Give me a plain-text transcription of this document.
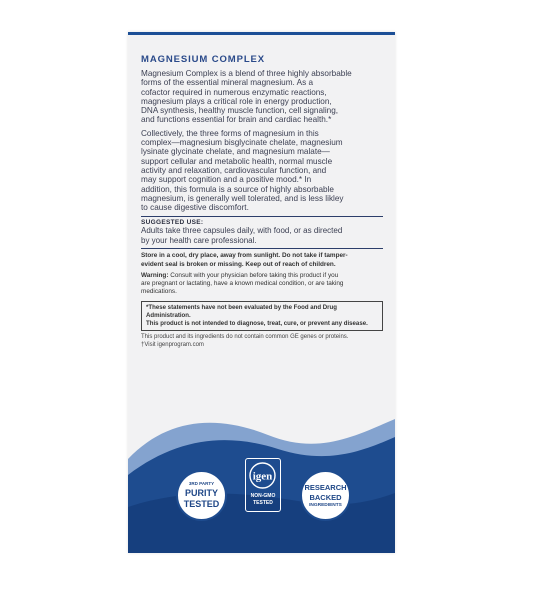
MAGNESIUM COMPLEX

Magnesium Complex is a blend of three highly absorbable
forms of the essential mineral magnesium. As a
cofactor required in numerous enzymatic reactions,
magnesium plays a critical role in energy production,
DNA synthesis, healthy muscle function, cell signaling,
and functions essential for brain and cardiac health.*

Collectively, the three forms of magnesium in this
complex—magnesium bisglycinate chelate, magnesium
lysinate glycinate chelate, and magnesium malate—
support cellular and metabolic health, normal muscle
activity and relaxation, cardiovascular function, and
may support cognition and a positive mood.* In
addition, this formula is a source of highly absorbable
magnesium, is generally well tolerated, and is less likley
to cause digestive discomfort.

SUGGESTED USE:

Adults take three capsules daily, with food, or as directed
by your health care professional.

Store in a cool, dry place, away from sunlight. Do not take if tamper-
evident seal is broken or missing. Keep out of reach of children.

Warning: Consult with your physician before taking this product if you
are pregnant or lactating, have a known medical condition, or are taking
medications.

*These statements have not been evaluated by the Food and Drug Administration.
This product is not intended to diagnose, treat, cure, or prevent any disease.

This product and its ingredients do not contain common GE genes or proteins.
†Visit igenprogram.com

3RD PARTY
PURITY
TESTED
igen
NON-GMO
TESTED
RESEARCH
BACKED
INGREDIENTS
